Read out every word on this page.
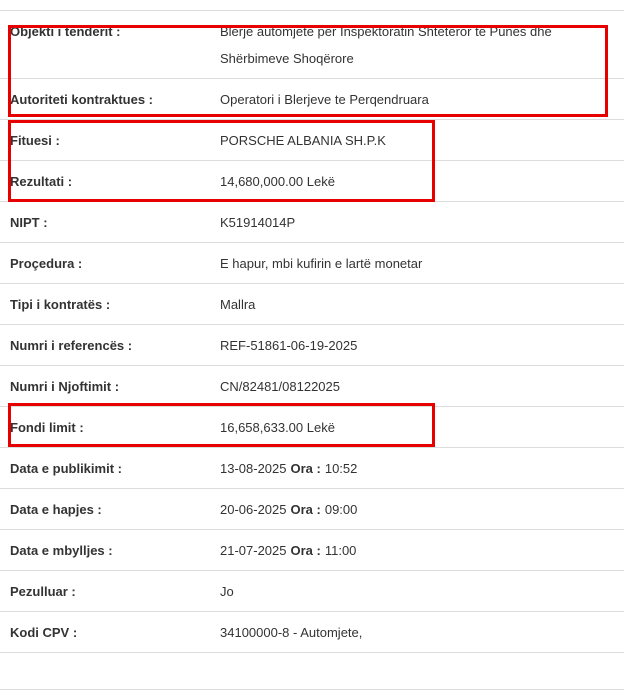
Objekti i tenderit :	Blerje automjete për Inspektoratin Shtetëror të Punës dhe Shërbimeve Shoqërore
Autoriteti kontraktues :	Operatori i Blerjeve te Perqendruara
Fituesi :	PORSCHE ALBANIA SH.P.K
Rezultati :	14,680,000.00 Lekë
NIPT :	K51914014P
Proçedura :	E hapur, mbi kufirin e lartë monetar
Tipi i kontratës :	Mallra
Numri i referencës :	REF-51861-06-19-2025
Numri i Njoftimit :	CN/82481/08122025
Fondi limit :	16,658,633.00 Lekë
Data e publikimit :	13-08-2025 Ora : 10:52
Data e hapjes :	20-06-2025 Ora : 09:00
Data e mbylljes :	21-07-2025 Ora : 11:00
Pezulluar :	Jo
Kodi CPV :	34100000-8 - Automjete,
